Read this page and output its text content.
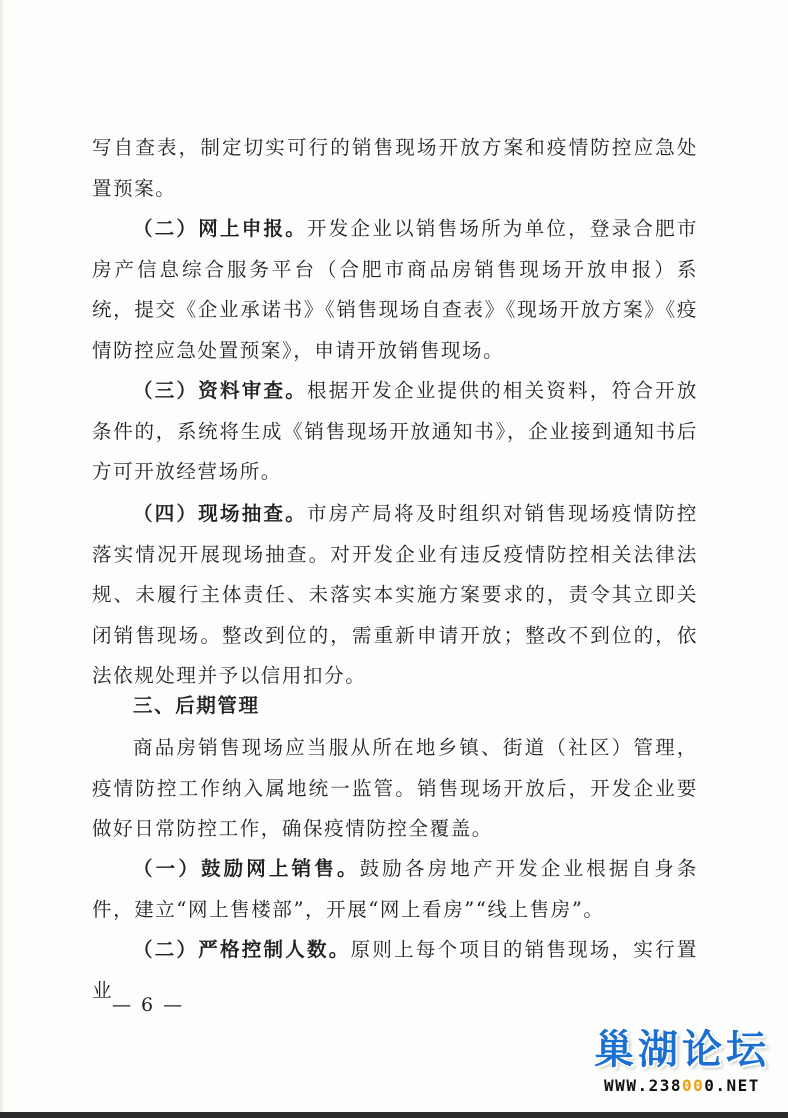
写自查表，制定切实可行的销售现场开放方案和疫情防控应急处置预案。

（二）网上申报。开发企业以销售场所为单位，登录合肥市房产信息综合服务平台（合肥市商品房销售现场开放申报）系统，提交《企业承诺书》《销售现场自查表》《现场开放方案》《疫情防控应急处置预案》，申请开放销售现场。

（三）资料审查。根据开发企业提供的相关资料，符合开放条件的，系统将生成《销售现场开放通知书》，企业接到通知书后方可开放经营场所。

（四）现场抽查。市房产局将及时组织对销售现场疫情防控落实情况开展现场抽查。对开发企业有违反疫情防控相关法律法规、未履行主体责任、未落实本实施方案要求的，责令其立即关闭销售现场。整改到位的，需重新申请开放；整改不到位的，依法依规处理并予以信用扣分。

三、后期管理

商品房销售现场应当服从所在地乡镇、街道（社区）管理，疫情防控工作纳入属地统一监管。销售现场开放后，开发企业要做好日常防控工作，确保疫情防控全覆盖。

（一）鼓励网上销售。鼓励各房地产开发企业根据自身条件，建立“网上售楼部”，开展“网上看房”“线上售房”。

（二）严格控制人数。原则上每个项目的销售现场，实行置业

— 6 —
巢湖论坛
WWW.238000.NET
